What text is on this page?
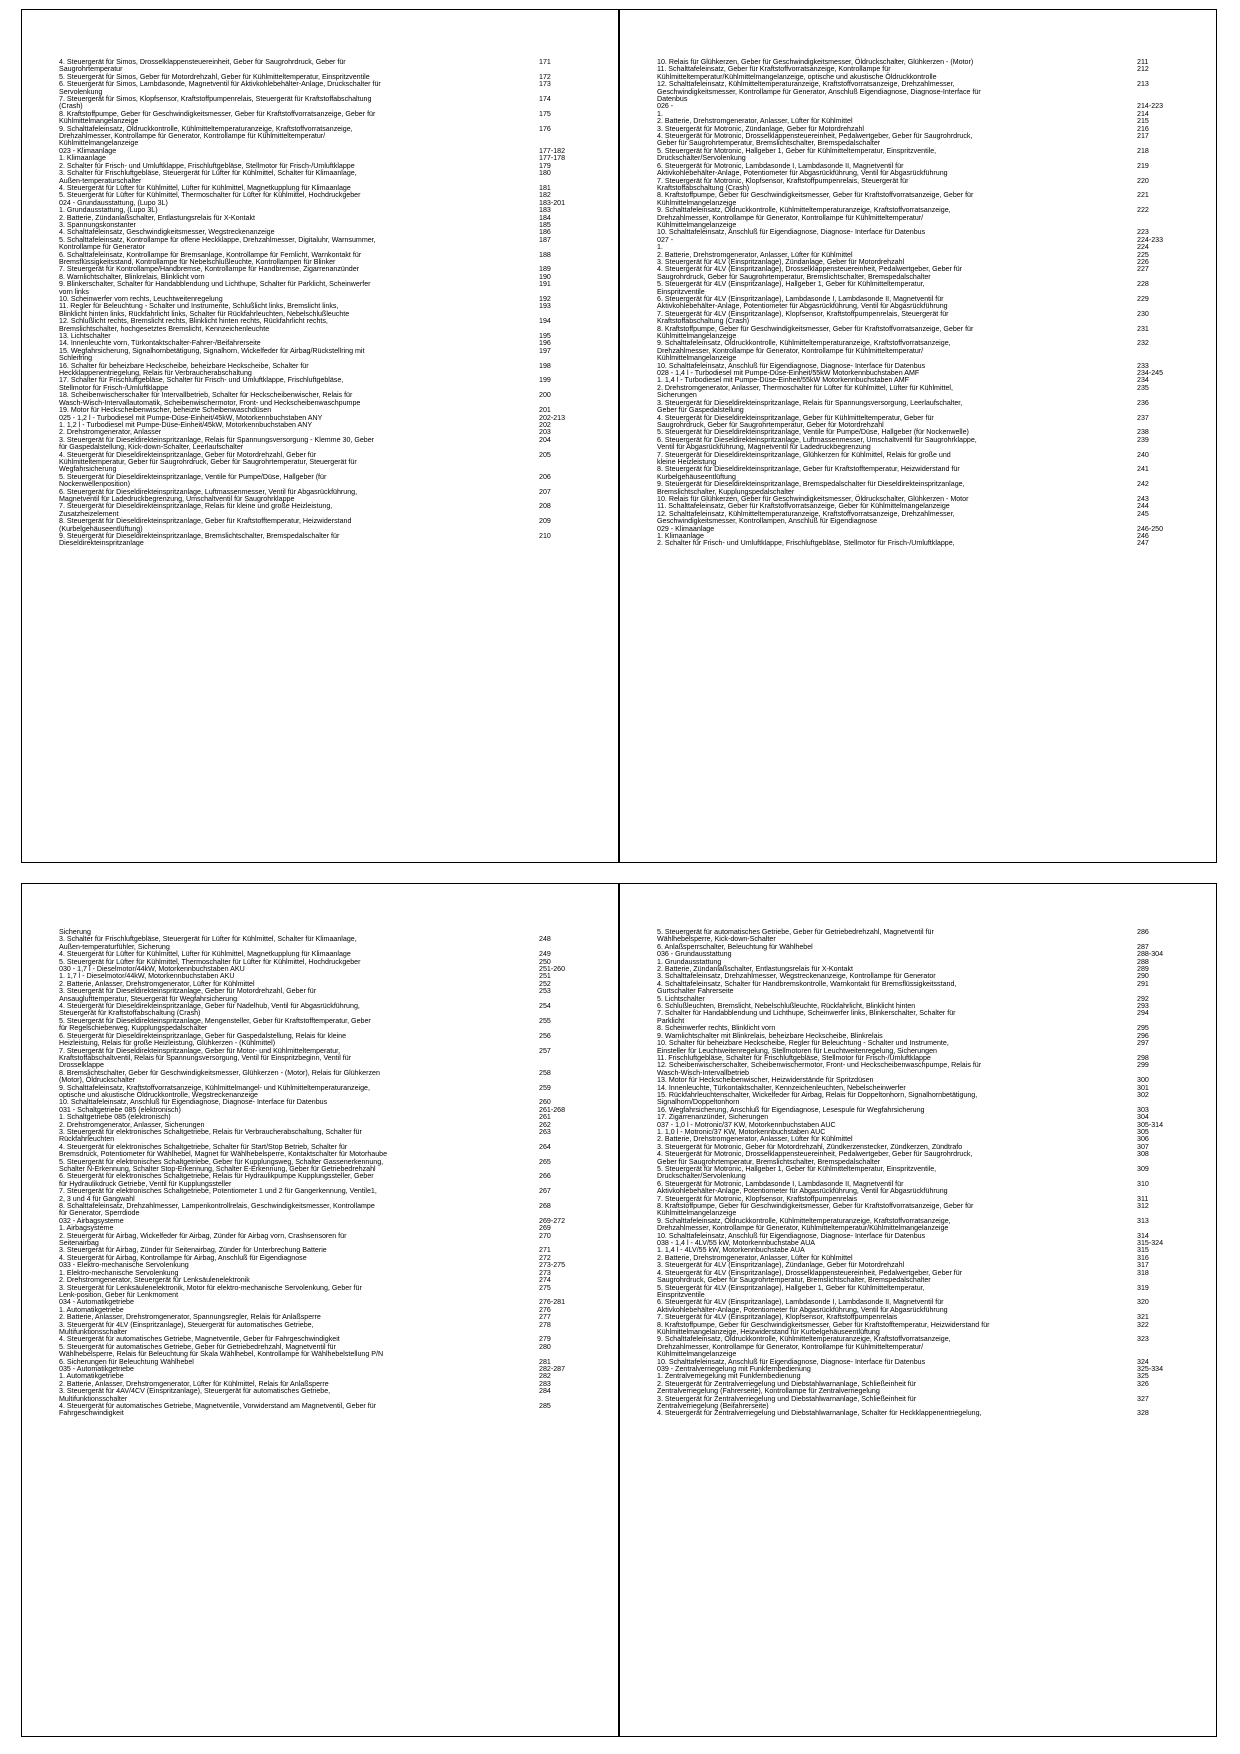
4. Steuergerät für Simos, Drosselklappensteuereinheit, Geber für Saugrohrdruck, Geber für	171
Saugrohrtemperatur
5. Steuergerät für Simos, Geber für Motordrehzahl, Geber für Kühlmitteltemperatur, Einspritzventile	172
6. Steuergerät für Simos, Lambdasonde, Magnetventil für Aktivkohlebehälter-Anlage, Druckschalter für	173
Servolenkung
7. Steuergerät für Simos, Klopfsensor, Kraftstoffpumpenrelais, Steuergerät für Kraftstoffabschaltung	174
(Crash)
8. Kraftstoffpumpe, Geber für Geschwindigkeitsmesser, Geber für Kraftstoffvorratsanzeige, Geber für	175
Kühlmittelmangelanzeige
9. Schalttafeleinsatz, Öldruckkontrolle, Kühlmitteltemperaturanzeige, Kraftstoffvorratsanzeige,	176
Drehzahlmesser, Kontrollampe für Generator, Kontrollampe für Kühlmitteltemperatur/
Kühlmittelmangelanzeige
023 - Klimaanlage	177-182
1. Klimaanlage	177-178
2. Schalter für Frisch- und Umluftklappe, Frischluftgebläse, Stellmotor für Frisch-/Umluftklappe	179
3. Schalter für Frischluftgebläse, Steuergerät für Lüfter für Kühlmittel, Schalter für Klimaanlage,	180
Außen-temperaturschalter
4. Steuergerät für Lüfter für Kühlmittel, Lüfter für Kühlmittel, Magnetkupplung für Klimaanlage	181
5. Steuergerät für Lüfter für Kühlmittel, Thermoschalter für Lüfter für Kühlmittel, Hochdruckgeber	182
024 - Grundausstattung, (Lupo 3L)	183-201
1. Grundausstattung, (Lupo 3L)	183
2. Batterie, Zündanlaßschalter, Entlastungsrelais für X-Kontakt	184
3. Spannungskonstanter	185
4. Schalttafeleinsatz, Geschwindigkeitsmesser, Wegstreckenanzeige	186
5. Schalttafeleinsatz, Kontrollampe für offene Heckklappe, Drehzahlmesser, Digitaluhr, Warnsummer,	187
Kontrollampe für Generator
6. Schalttafeleinsatz, Kontrollampe für Bremsanlage, Kontrollampe für Fernlicht, Warnkontakt für	188
Bremsflüssigkeitsstand, Kontrollampe für Nebelschlußleuchte, Kontrollampen für Blinker
7. Steuergerät für Kontrollampe/Handbremse, Kontrollampe für Handbremse, Zigarrenanzünder	189
8. Warnlichtschalter, Blinkrelais, Blinklicht vorn	190
9. Blinkerschalter, Schalter für Handabblendung und Lichthupe, Schalter für Parklicht, Scheinwerfer	191
vorn links
10. Scheinwerfer vorn rechts, Leuchtweitenregelung	192
11. Regler für Beleuchtung - Schalter und Instrumente, Schlußlicht links, Bremslicht links,	193
Blinklicht hinten links, Rückfahrlicht links, Schalter für Rückfahrleuchten, Nebelschlußleuchte
12. Schlußlicht rechts, Bremslicht rechts, Blinklicht hinten rechts, Rückfahrlicht rechts,	194
Bremslichtschalter, hochgesetztes Bremslicht, Kennzeichenleuchte
13. Lichtschalter	195
14. Innenleuchte vorn, Türkontaktschalter-Fahrer-/Beifahrerseite	196
15. Wegfahrsicherung, Signalhornbetätigung, Signalhorn, Wickelfeder für Airbag/Rückstellring mit	197
Schleifring
16. Schalter für beheizbare Heckscheibe, beheizbare Heckscheibe, Schalter für	198
Heckklappenentriegelung, Relais für Verbraucherabschaltung
17. Schalter für Frischluftgebläse, Schalter für Frisch- und Umluftklappe, Frischluftgebläse,	199
Stellmotor für Frisch-/Umluftklappe
18. Scheibenwischerschalter für Intervallbetrieb, Schalter für Heckscheibenwischer, Relais für	200
Wasch-Wisch-Intervallautomatik, Scheibenwischermotor, Front- und Heckscheibenwaschpumpe
19. Motor für Heckscheibenwischer, beheizte Scheibenwaschdüsen	201
025 - 1,2 l - Turbodiesel mit Pumpe-Düse-Einheit/45kW, Motorkennbuchstaben ANY	202-213
1. 1,2 l - Turbodiesel mit Pumpe-Düse-Einheit/45kW, Motorkennbuchstaben ANY	202
2. Drehstromgenerator, Anlasser	203
3. Steuergerät für Dieseldirekteinspritzanlage, Relais für Spannungsversorgung - Klemme 30, Geber	204
für Gaspedalstellung, Kick-down-Schalter, Leerlaufschalter
4. Steuergerät für Dieseldirekteinspritzanlage, Geber für Motordrehzahl, Geber für	205
Kühlmitteltemperatur, Geber für Saugrohrdruck, Geber für Saugrohrtemperatur, Steuergerät für
Wegfahrsicherung
5. Steuergerät für Dieseldirekteinspritzanlage, Ventile für Pumpe/Düse, Hallgeber (für	206
Nockenwellenposition)
6. Steuergerät für Dieseldirekteinspritzanlage, Luftmassenmesser, Ventil für Abgasrückführung,	207
Magnetventil für Ladedruckbegrenzung, Umschaltventil für Saugrohrklappe
7. Steuergerät für Dieseldirekteinspritzanlage, Relais für kleine und große Heizleistung,	208
Zusatzheizelement
8. Steuergerät für Dieseldirekteinspritzanlage, Geber für Kraftstofftemperatur, Heizwiderstand	209
(Kurbelgehäuseentlüftung)
9. Steuergerät für Dieseldirekteinspritzanlage, Bremslichtschalter, Bremspedalschalter für	210
Dieseldirekteinspritzanlage
10. Relais für Glühkerzen, Geber für Geschwindigkeitsmesser, Öldruckschalter, Glühkerzen - (Motor)	211
11. Schalttafeleinsatz, Geber für Kraftstoffvorratsanzeige, Kontrollampe für	212
Kühlmitteltemperatur/Kühlmittelmangelanzeige, optische und akustische Öldruckkontrolle
12. Schalttafeleinsatz, Kühlmitteltemperaturanzeige, Kraftstoffvorratsanzeige, Drehzahlmesser,	213
Geschwindigkeitsmesser, Kontrollampe für Generator, Anschluß Eigendiagnose, Diagnose-Interface für
Datenbus
026 -	214-223
1.	214
2. Batterie, Drehstromgenerator, Anlasser, Lüfter für Kühlmittel	215
3. Steuergerät für Motronic, Zündanlage, Geber für Motordrehzahl	216
4. Steuergerät für Motronic, Drosselklappensteuereinheit, Pedalwertgeber, Geber für Saugrohrdruck,	217
Geber für Saugrohrtemperatur, Bremslichtschalter, Bremspedalschalter
5. Steuergerät für Motronic, Hallgeber 1, Geber für Kühlmitteltemperatur, Einspritzventile,	218
Druckschalter/Servolenkung
6. Steuergerät für Motronic, Lambdasonde I, Lambdasonde II, Magnetventil für	219
Aktivkohlebehälter-Anlage, Potentiometer für Abgasrückführung, Ventil für Abgasrückführung
7. Steuergerät für Motronic, Klopfsensor, Kraftstoffpumpenrelais, Steuergerät für	220
Kraftstoffabschaltung (Crash)
8. Kraftstoffpumpe, Geber für Geschwindigkeitsmesser, Geber für Kraftstoffvorratsanzeige, Geber für	221
Kühlmittelmangelanzeige
9. Schalttafeleinsatz, Öldruckkontrolle, Kühlmitteltemperaturanzeige, Kraftstoffvorratsanzeige,	222
Drehzahlmesser, Kontrollampe für Generator, Kontrollampe für Kühlmitteltemperatur/
Kühlmittelmangelanzeige
10. Schalttafeleinsatz, Anschluß für Eigendiagnose, Diagnose- Interface für Datenbus	223
027 -	224-233
1.	224
2. Batterie, Drehstromgenerator, Anlasser, Lüfter für Kühlmittel	225
3. Steuergerät für 4LV (Einspritzanlage), Zündanlage, Geber für Motordrehzahl	226
4. Steuergerät für 4LV (Einspritzanlage), Drosselklappensteuereinheit, Pedalwertgeber, Geber für	227
Saugrohrdruck, Geber für Saugrohrtemperatur, Bremslichtschalter, Bremspedalschalter
5. Steuergerät für 4LV (Einspritzanlage), Hallgeber 1, Geber für Kühlmitteltemperatur,	228
Einspritzventile
6. Steuergerät für 4LV (Einspritzanlage), Lambdasonde I, Lambdasonde II, Magnetventil für	229
Aktivkohlebehälter-Anlage, Potentiometer für Abgasrückführung, Ventil für Abgasrückführung
7. Steuergerät für 4LV (Einspritzanlage), Klopfsensor, Kraftstoffpumpenrelais, Steuergerät für	230
Kraftstoffabschaltung (Crash)
8. Kraftstoffpumpe, Geber für Geschwindigkeitsmesser, Geber für Kraftstoffvorratsanzeige, Geber für	231
Kühlmittelmangelanzeige
9. Schalttafeleinsatz, Öldruckkontrolle, Kühlmitteltemperaturanzeige, Kraftstoffvorratsanzeige,	232
Drehzahlmesser, Kontrollampe für Generator, Kontrollampe für Kühlmitteltemperatur/
Kühlmittelmangelanzeige
10. Schalttafeleinsatz, Anschluß für Eigendiagnose, Diagnose- Interface für Datenbus	233
028 - 1,4 l - Turbodiesel mit Pumpe-Düse-Einheit/55kW Motorkennbuchstaben AMF	234-245
1. 1,4 l - Turbodiesel mit Pumpe-Düse-Einheit/55kW Motorkennbuchstaben AMF	234
2. Drehstromgenerator, Anlasser, Thermoschalter für Lüfter für Kühlmittel, Lüfter für Kühlmittel,	235
Sicherungen
3. Steuergerät für Dieseldirekteinspritzanlage, Relais für Spannungsversorgung, Leerlaufschalter,	236
Geber für Gaspedalstellung
4. Steuergerät für Dieseldirekteinspritzanlage, Geber für Kühlmitteltemperatur, Geber für	237
Saugrohrdruck, Geber für Saugrohrtemperatur, Geber für Motordrehzahl
5. Steuergerät für Dieseldirekteinspritzanlage, Ventile für Pumpe/Düse, Hallgeber (für Nockenwelle)	238
6. Steuergerät für Dieseldirekteinspritzanlage, Luftmassenmesser, Umschaltventil für Saugrohrklappe,	239
Ventil für Abgasrückführung, Magnetventil für Ladedruckbegrenzung
7. Steuergerät für Dieseldirekteinspritzanlage, Glühkerzen für Kühlmittel, Relais für große und	240
kleine Heizleistung
8. Steuergerät für Dieseldirekteinspritzanlage, Geber für Kraftstofftemperatur, Heizwiderstand für	241
Kurbelgehäuseentlüftung
9. Steuergerät für Dieseldirekteinspritzanlage, Bremspedalschalter für Dieseldirekteinspritzanlage,	242
Bremslichtschalter, Kupplungspedalschalter
10. Relais für Glühkerzen, Geber für Geschwindigkeitsmesser, Öldruckschalter, Glühkerzen - Motor	243
11. Schalttafeleinsatz, Geber für Kraftstoffvorratsanzeige, Geber für Kühlmittelmangelanzeige	244
12. Schalttafeleinsatz, Kühlmitteltemperaturanzeige, Kraftstoffvorratsanzeige, Drehzahlmesser,	245
Geschwindigkeitsmesser, Kontrollampen, Anschluß für Eigendiagnose
029 - Klimaanlage	246-250
1. Klimaanlage	246
2. Schalter für Frisch- und Umluftklappe, Frischluftgebläse, Stellmotor für Frisch-/Umluftklappe,	247
Sicherung
3. Schalter für Frischluftgebläse, Steuergerät für Lüfter für Kühlmittel, Schalter für Klimaanlage,	248
Außen-temperaturfühler, Sicherung
4. Steuergerät für Lüfter für Kühlmittel, Lüfter für Kühlmittel, Magnetkupplung für Klimaanlage	249
5. Steuergerät für Lüfter für Kühlmittel, Thermoschalter für Lüfter für Kühlmittel, Hochdruckgeber	250
030 - 1,7 l - Dieselmotor/44kW, Motorkennbuchstaben AKU	251-260
1. 1,7 l - Dieselmotor/44kW, Motorkennbuchstaben AKU	251
2. Batterie, Anlasser, Drehstromgenerator, Lüfter für Kühlmittel	252
3. Steuergerät für Dieseldirekteinspritzanlage, Geber für Motordrehzahl, Geber für	253
Ansauglufttemperatur, Steuergerät für Wegfahrsicherung
4. Steuergerät für Dieseldirekteinspritzanlage, Geber für Nadelhub, Ventil für Abgasrückführung,	254
Steuergerät für Kraftstoffabschaltung (Crash)
5. Steuergerät für Dieseldirekteinspritzanlage, Mengensteller, Geber für Kraftstofftemperatur, Geber	255
für Regelschieberweg, Kupplungspedalschalter
6. Steuergerät für Dieseldirekteinspritzanlage, Geber für Gaspedalstellung, Relais für kleine	256
Heizleistung, Relais für große Heizleistung, Glühkerzen - (Kühlmittel)
7. Steuergerät für Dieseldirekteinspritzanlage, Geber für Motor- und Kühlmitteltemperatur,	257
Kraftstoffabschaltventil, Relais für Spannungsversorgung, Ventil für Einspritzbeginn, Ventil für
Drosselklappe
8. Bremslichtschalter, Geber für Geschwindigkeitsmesser, Glühkerzen - (Motor), Relais für Glühkerzen	258
(Motor), Öldruckschalter
9. Schalttafeleinsatz, Kraftstoffvorratsanzeige, Kühlmittelmangel- und Kühlmitteltemperaturanzeige,	259
optische und akustische Öldruckkontrolle, Wegstreckenanzeige
10. Schalttafeleinsatz, Anschluß für Eigendiagnose, Diagnose- Interface für Datenbus	260
031 - Schaltgetriebe 085 (elektronisch)	261-268
1. Schaltgetriebe 085 (elektronisch)	261
2. Drehstromgenerator, Anlasser, Sicherungen	262
3. Steuergerät für elektronisches Schaltgetriebe, Relais für Verbraucherabschaltung, Schalter für	263
Rückfahrleuchten
4. Steuergerät für elektronisches Schaltgetriebe, Schalter für Start/Stop Betrieb, Schalter für	264
Bremsdruck, Potentiometer für Wählhebel, Magnet für Wählhebelsperre, Kontaktschalter für Motorhaube
5. Steuergerät für elektronisches Schaltgetriebe, Geber für Kupplungsweg, Schalter Gassenerkennung,	265
Schalter N-Erkennung, Schalter Stop-Erkennung, Schalter E-Erkennung, Geber für Getriebedrehzahl
6. Steuergerät für elektronisches Schaltgetriebe, Relais für Hydraulikpumpe Kupplungssteller, Geber	266
für Hydraulikdruck Getriebe, Ventil für Kupplungssteller
7. Steuergerät für elektronisches Schaltgetriebe, Potentiometer 1 und 2 für Gangerkennung, Ventile1,	267
2, 3 und 4 für Gangwahl
8. Schalttafeleinsatz, Drehzahlmesser, Lampenkontrollrelais, Geschwindigkeitsmesser, Kontrollampe	268
für Generator, Sperrdiode
032 - Airbagsysteme	269-272
1. Airbagsysteme	269
2. Steuergerät für Airbag, Wickelfeder für Airbag, Zünder für Airbag vorn, Crashsensoren für	270
Seitenairbag
3. Steuergerät für Airbag, Zünder für Seitenairbag, Zünder für Unterbrechung Batterie	271
4. Steuergerät für Airbag, Kontrollampe für Airbag, Anschluß für Eigendiagnose	272
033 - Elektro-mechanische Servolenkung	273-275
1. Elektro-mechanische Servolenkung	273
2. Drehstromgenerator, Steuergerät für Lenksäulenelektronik	274
3. Steuergerät für Lenksäulenelektronik, Motor für elektro-mechanische Servolenkung, Geber für	275
Lenk-position, Geber für Lenkmoment
034 - Automatikgetriebe	276-281
1. Automatikgetriebe	276
2. Batterie, Anlasser, Drehstromgenerator, Spannungsregler, Relais für Anlaßsperre	277
3. Steuergerät für 4LV (Einspritzanlage), Steuergerät für automatisches Getriebe,	278
Multifunktionsschalter
4. Steuergerät für automatisches Getriebe, Magnetventile, Geber für Fahrgeschwindigkeit	279
5. Steuergerät für automatisches Getriebe, Geber für Getriebedrehzahl, Magnetventil für	280
Wählhebelsperre, Relais für Beleuchtung für Skala Wählhebel, Kontrollampe für Wählhebelstellung P/N
6. Sicherungen für Beleuchtung Wählhebel	281
035 - Automatikgetriebe	282-287
1. Automatikgetriebe	282
2. Batterie, Anlasser, Drehstromgenerator, Lüfter für Kühlmittel, Relais für Anlaßsperre	283
3. Steuergerät für 4AV/4CV (Einspritzanlage), Steuergerät für automatisches Getriebe,	284
Multifunktionsschalter
4. Steuergerät für automatisches Getriebe, Magnetventile, Vorwiderstand am Magnetventil, Geber für	285
Fahrgeschwindigkeit
5. Steuergerät für automatisches Getriebe, Geber für Getriebedrehzahl, Magnetventil für	286
Wählhebelsperre, Kick-down-Schalter
6. Anlaßsperrschalter, Beleuchtung für Wählhebel	287
036 - Grundausstattung	288-304
1. Grundausstattung	288
2. Batterie, Zündanlaßschalter, Entlastungsrelais für X-Kontakt	289
3. Schalttafeleinsatz, Drehzahlmesser, Wegstreckenanzeige, Kontrollampe für Generator	290
4. Schalttafeleinsatz, Schalter für Handbremskontrolle, Warnkontakt für Bremsflüssigkeitsstand,	291
Gurtschalter Fahrerseite
5. Lichtschalter	292
6. Schlußleuchten, Bremslicht, Nebelschlußleuchte, Rückfahrlicht, Blinklicht hinten	293
7. Schalter für Handabblendung und Lichthupe, Scheinwerfer links, Blinkerschalter, Schalter für	294
Parklicht
8. Scheinwerfer rechts, Blinklicht vorn	295
9. Warnlichtschalter mit Blinkrelais, beheizbare Heckscheibe, Blinkrelais	296
10. Schalter für beheizbare Heckscheibe, Regler für Beleuchtung - Schalter und Instrumente,	297
Einsteller für Leuchtweitenregelung, Stellmotoren für Leuchtweitenregelung, Sicherungen
11. Frischluftgebläse, Schalter für Frischluftgebläse, Stellmotor für Frisch-/Umluftklappe	298
12. Scheibenwischerschalter, Scheibenwischermotor, Front- und Heckscheibenwaschpumpe, Relais für	299
Wasch-Wisch-Intervallbetrieb
13. Motor für Heckscheibenwischer, Heizwiderstände für Spritzdüsen	300
14. Innenleuchte, Türkontaktschalter, Kennzeichenleuchten, Nebelscheinwerfer	301
15. Rückfahrleuchtenschalter, Wickelfeder für Airbag, Relais für Doppeltonhorn, Signalhornbetätigung,	302
Signalhorn/Doppeltonhorn
16. Wegfahrsicherung, Anschluß für Eigendiagnose, Lesespule für Wegfahrsicherung	303
17. Zigarrenanzünder, Sicherungen	304
037 - 1,0 l - Motronic/37 KW, Motorkennbuchstaben AUC	305-314
1. 1,0 l - Motronic/37 KW, Motorkennbuchstaben AUC	305
2. Batterie, Drehstromgenerator, Anlasser, Lüfter für Kühlmittel	306
3. Steuergerät für Motronic, Geber für Motordrehzahl, Zündkerzenstecker, Zündkerzen, Zündtrafo	307
4. Steuergerät für Motronic, Drosselklappensteuereinheit, Pedalwertgeber, Geber für Saugrohrdruck,	308
Geber für Saugrohrtemperatur, Bremslichtschalter, Bremspedalschalter
5. Steuergerät für Motronic, Hallgeber 1, Geber für Kühlmitteltemperatur, Einspritzventile,	309
Druckschalter/Servolenkung
6. Steuergerät für Motronic, Lambdasonde I, Lambdasonde II, Magnetventil für	310
Aktivkohlebehälter-Anlage, Potentiometer für Abgasrückführung, Ventil für Abgasrückführung
7. Steuergerät für Motronic, Klopfsensor, Kraftstoffpumpenrelais	311
8. Kraftstoffpumpe, Geber für Geschwindigkeitsmesser, Geber für Kraftstoffvorratsanzeige, Geber für	312
Kühlmittelmangelanzeige
9. Schalttafeleinsatz, Öldruckkontrolle, Kühlmitteltemperaturanzeige, Kraftstoffvorratsanzeige,	313
Drehzahlmesser, Kontrollampe für Generator, Kühlmitteltemperatur/Kühlmittelmangelanzeige
10. Schalttafeleinsatz, Anschluß für Eigendiagnose, Diagnose- Interface für Datenbus	314
038 - 1,4 l - 4LV/55 kW, Motorkennbuchstabe AUA	315-324
1. 1,4 l - 4LV/55 kW, Motorkennbuchstabe AUA	315
2. Batterie, Drehstromgenerator, Anlasser, Lüfter für Kühlmittel	316
3. Steuergerät für 4LV (Einspritzanlage), Zündanlage, Geber für Motordrehzahl	317
4. Steuergerät für 4LV (Einspritzanlage), Drosselklappensteuereinheit, Pedalwertgeber, Geber für	318
Saugrohrdruck, Geber für Saugrohrtemperatur, Bremslichtschalter, Bremspedalschalter
5. Steuergerät für 4LV (Einspritzanlage), Hallgeber 1, Geber für Kühlmitteltemperatur,	319
Einspritzventile
6. Steuergerät für 4LV (Einspritzanlage), Lambdasonde I, Lambdasonde II, Magnetventil für	320
Aktivkohlebehälter-Anlage, Potentiometer für Abgasrückführung, Ventil für Abgasrückführung
7. Steuergerät für 4LV (Einspritzanlage), Klopfsensor, Kraftstoffpumpenrelais	321
8. Kraftstoffpumpe, Geber für Geschwindigkeitsmesser, Geber für Kraftstofftemperatur, Heizwiderstand für	322
Kühlmittelmangelanzeige, Heizwiderstand für Kurbelgehäuseentlüftung
9. Schalttafeleinsatz, Öldruckkontrolle, Kühlmitteltemperaturanzeige, Kraftstoffvorratsanzeige,	323
Drehzahlmesser, Kontrollampe für Generator, Kontrollampe für Kühlmitteltemperatur/
Kühlmittelmangelanzeige
10. Schalttafeleinsatz, Anschluß für Eigendiagnose, Diagnose- Interface für Datenbus	324
039 - Zentralverriegelung mit Funkfernbedienung	325-334
1. Zentralverriegelung mit Funkfernbedienung	325
2. Steuergerät für Zentralverriegelung und Diebstahlwarnanlage, Schließeinheit für	326
Zentralverriegelung (Fahrerseite), Kontrollampe für Zentralverriegelung
3. Steuergerät für Zentralverriegelung und Diebstahlwarnanlage, Schließeinheit für	327
Zentralverriegelung (Beifahrerseite)
4. Steuergerät für Zentralverriegelung und Diebstahlwarnanlage, Schalter für Heckklappenentriegelung,	328
